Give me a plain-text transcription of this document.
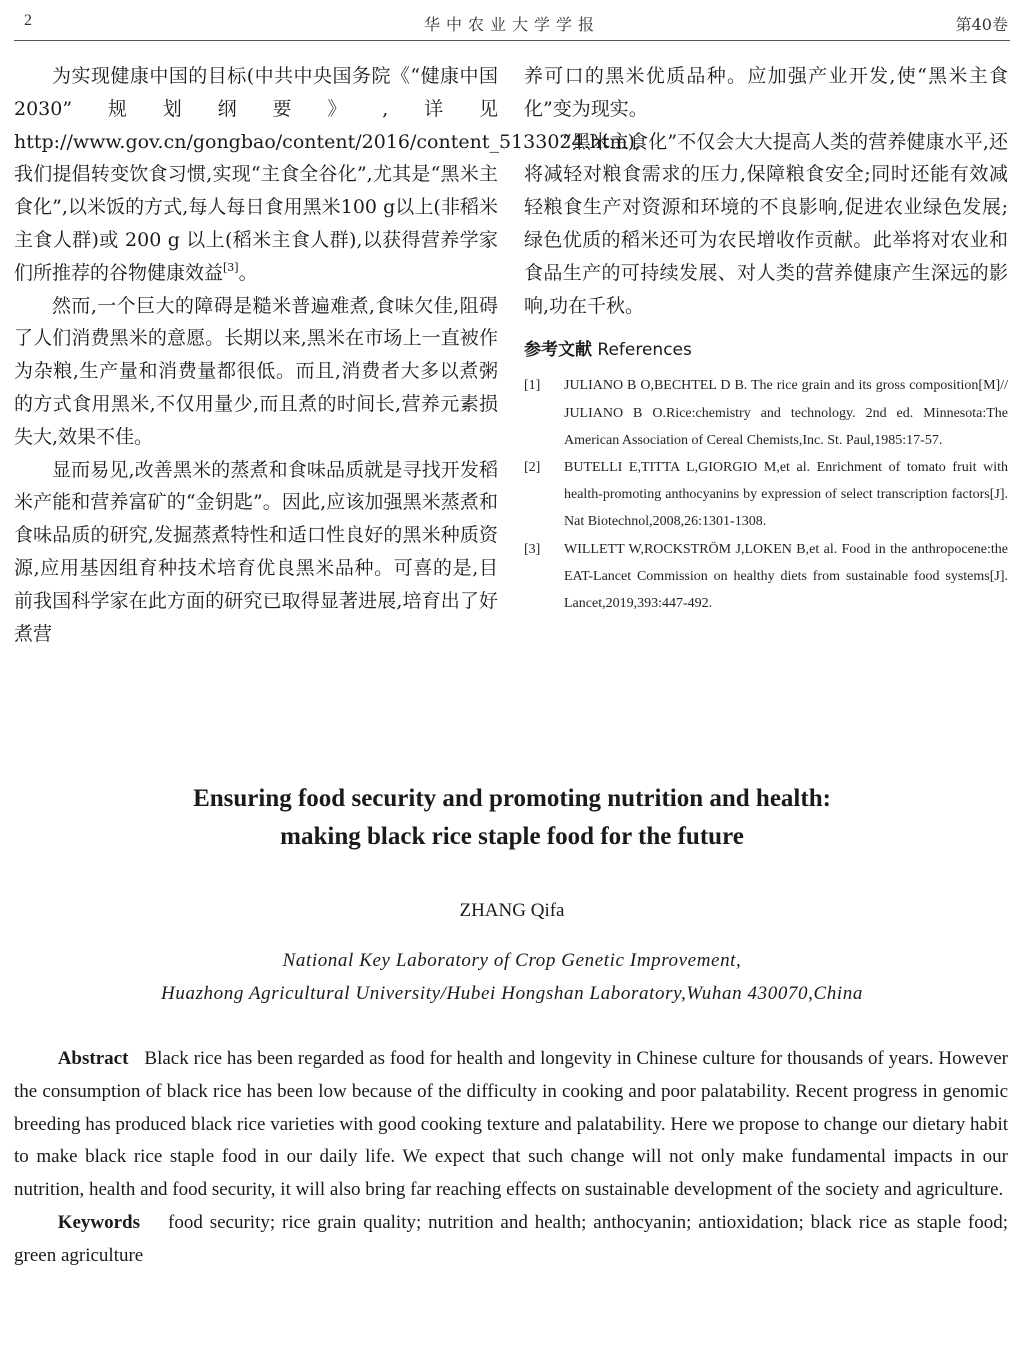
2	华中农业大学学报	第40卷

为实现健康中国的目标(中共中央国务院《“健康中国 2030”规划纲要》,详见 http://www.gov.cn/gongbao/content/2016/content_5133024.htm),我们提倡转变饮食习惯,实现“主食全谷化”,尤其是“黑米主食化”,以米饭的方式,每人每日食用黑米100 g以上(非稻米主食人群)或 200 g 以上(稻米主食人群),以获得营养学家们所推荐的谷物健康效益[3]。

然而,一个巨大的障碍是糙米普遍难煮,食味欠佳,阻碍了人们消费黑米的意愿。长期以来,黑米在市场上一直被作为杂粮,生产量和消费量都很低。而且,消费者大多以煮粥的方式食用黑米,不仅用量少,而且煮的时间长,营养元素损失大,效果不佳。

显而易见,改善黑米的蒸煮和食味品质就是寻找开发稻米产能和营养富矿的“金钥匙”。因此,应该加强黑米蒸煮和食味品质的研究,发掘蒸煮特性和适口性良好的黑米种质资源,应用基因组育种技术培育优良黑米品种。可喜的是,目前我国科学家在此方面的研究已取得显著进展,培育出了好煮营

养可口的黑米优质品种。应加强产业开发,使“黑米主食化”变为现实。

“黑米主食化”不仅会大大提高人类的营养健康水平,还将减轻对粮食需求的压力,保障粮食安全;同时还能有效减轻粮食生产对资源和环境的不良影响,促进农业绿色发展;绿色优质的稻米还可为农民增收作贡献。此举将对农业和食品生产的可持续发展、对人类的营养健康产生深远的影响,功在千秋。

参考文献 References
[1] JULIANO B O,BECHTEL D B. The rice grain and its gross composition[M]// JULIANO B O.Rice:chemistry and technology. 2nd ed. Minnesota:The American Association of Cereal Chemists,Inc. St. Paul,1985:17-57.
[2] BUTELLI E,TITTA L,GIORGIO M,et al. Enrichment of tomato fruit with health-promoting anthocyanins by expression of select transcription factors[J]. Nat Biotechnol,2008,26:1301-1308.
[3] WILLETT W,ROCKSTRÖM J,LOKEN B,et al. Food in the anthropocene:the EAT-Lancet Commission on healthy diets from sustainable food systems[J]. Lancet,2019,393:447-492.
Ensuring food security and promoting nutrition and health:
making black rice staple food for the future
ZHANG Qifa
National Key Laboratory of Crop Genetic Improvement,
Huazhong Agricultural University/Hubei Hongshan Laboratory,Wuhan 430070,China

Abstract Black rice has been regarded as food for health and longevity in Chinese culture for thousands of years. However the consumption of black rice has been low because of the difficulty in cooking and poor palatability. Recent progress in genomic breeding has produced black rice varieties with good cooking texture and palatability. Here we propose to change our dietary habit to make black rice staple food in our daily life. We expect that such change will not only make fundamental impacts in our nutrition, health and food security, it will also bring far reaching effects on sustainable development of the society and agriculture.

Keywords food security; rice grain quality; nutrition and health; anthocyanin; antioxidation; black rice as staple food; green agriculture
